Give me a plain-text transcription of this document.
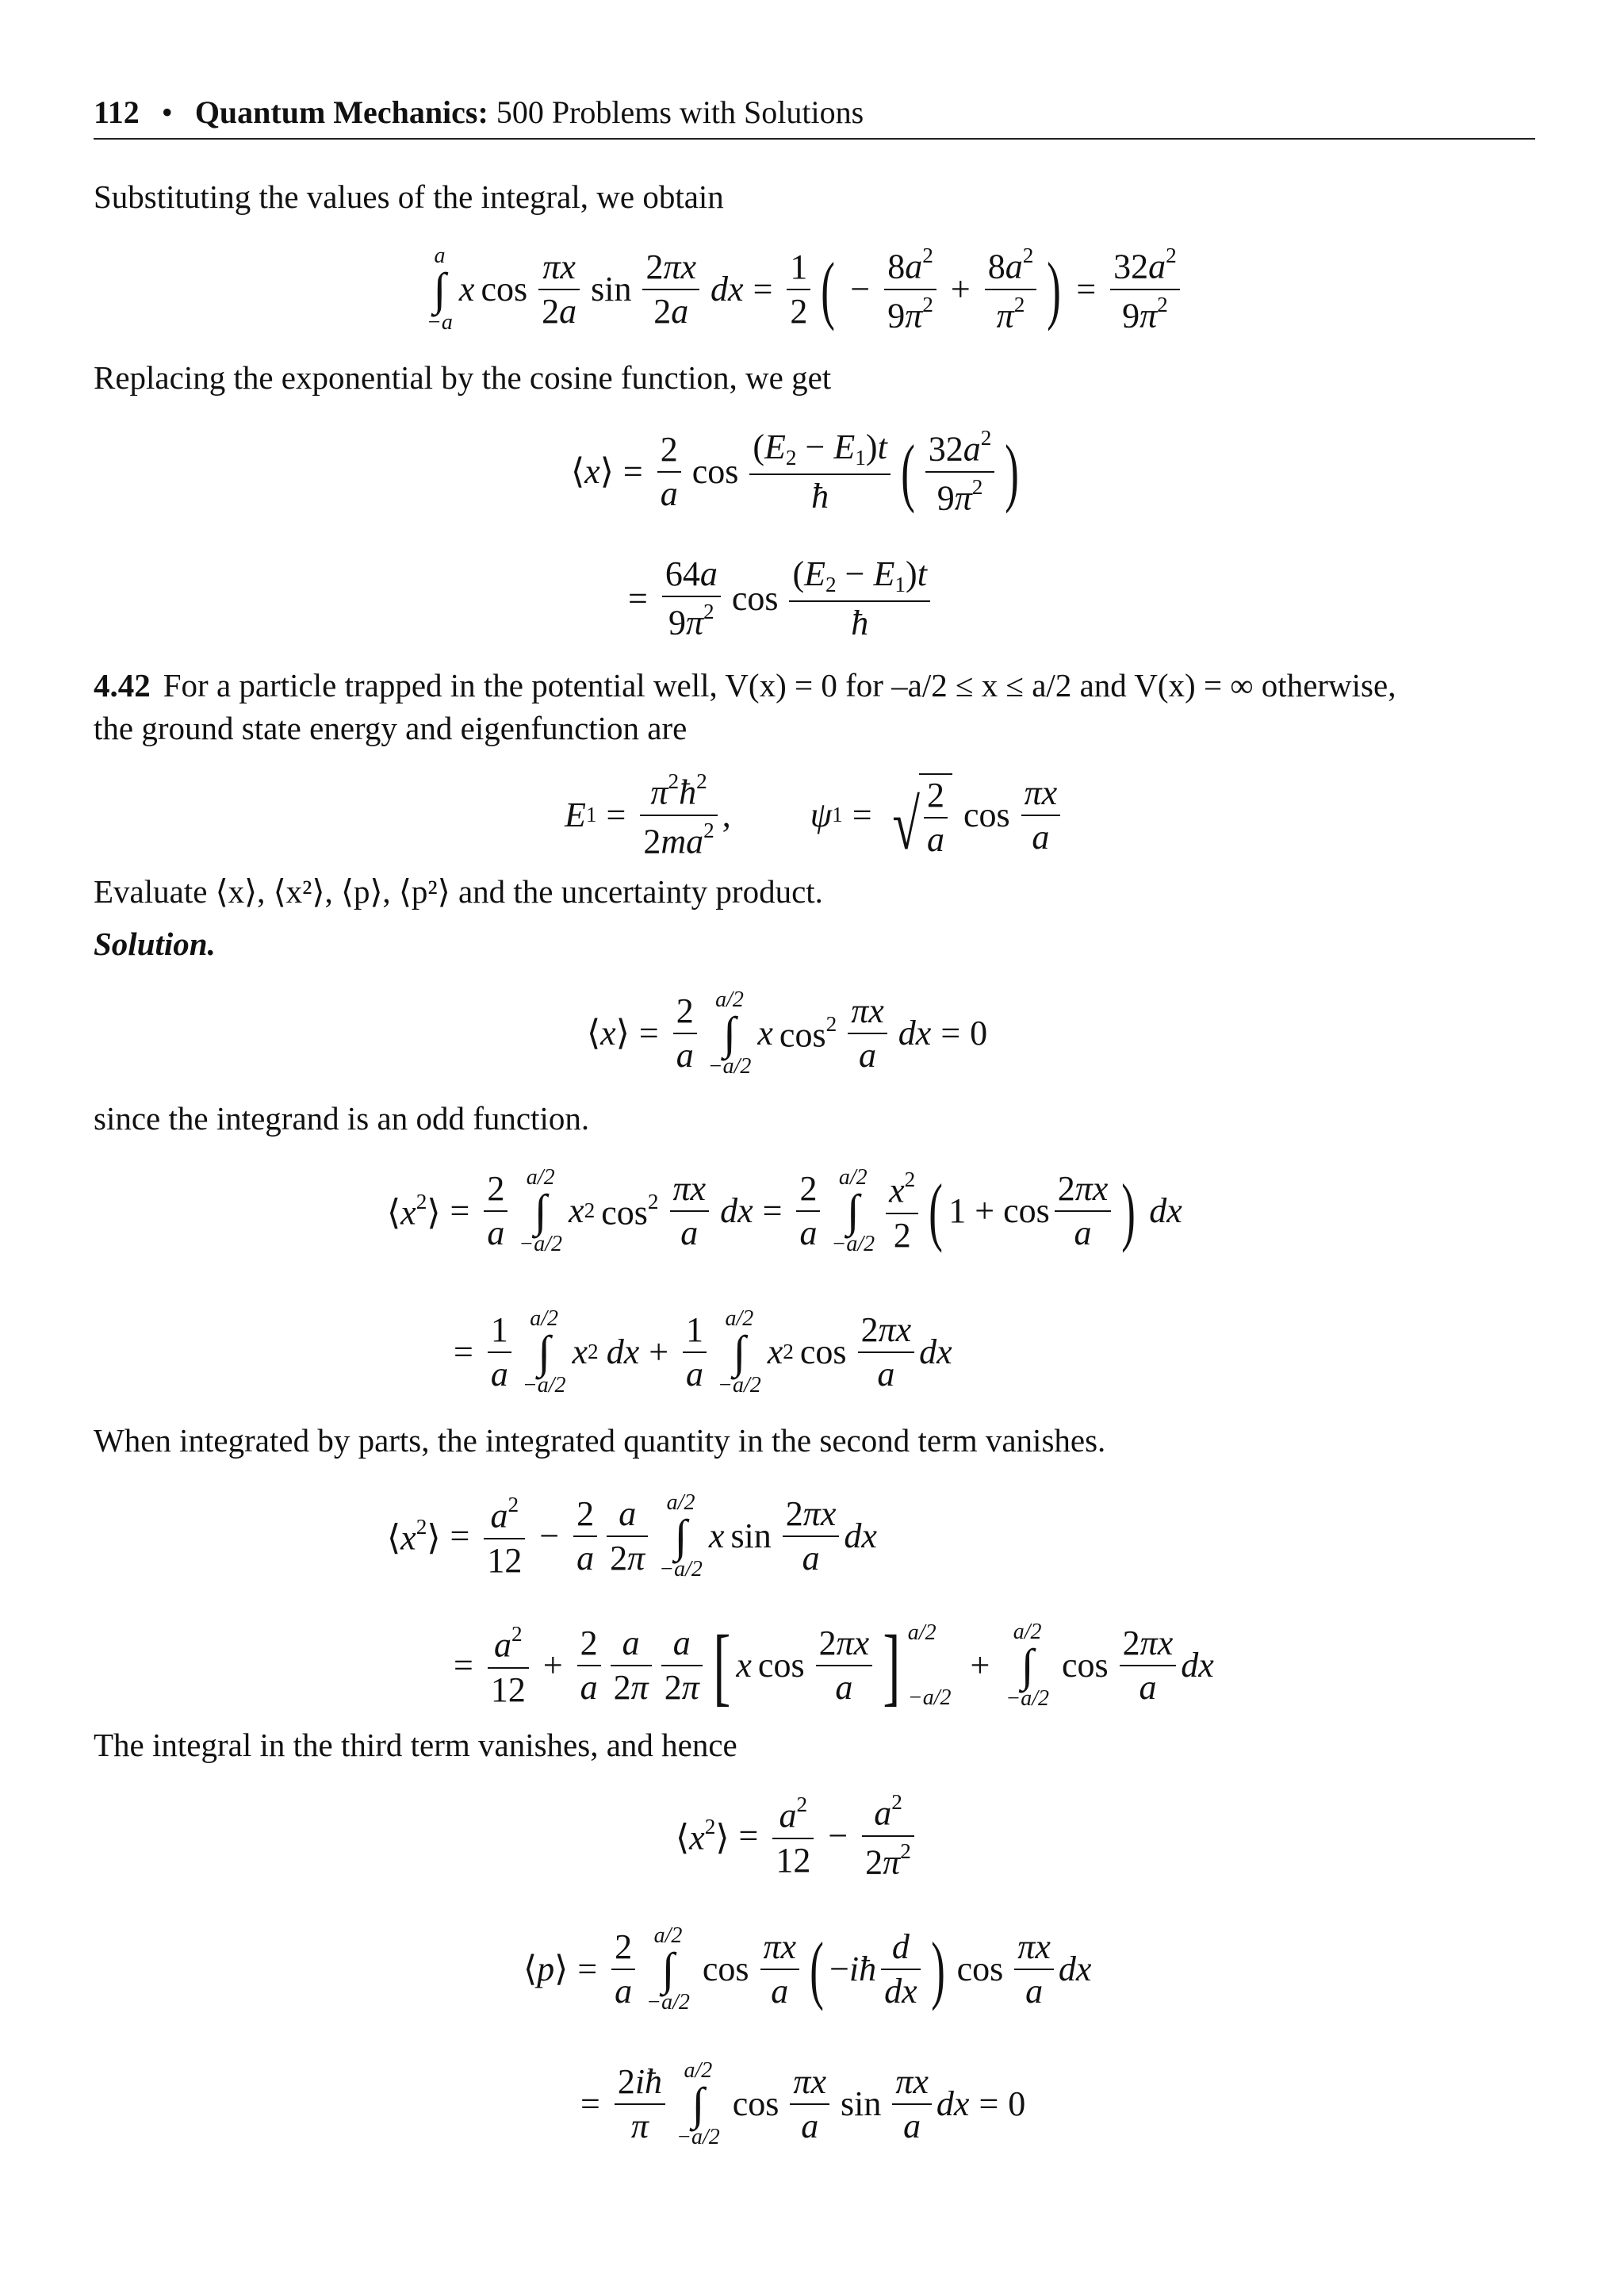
112 • Quantum Mechanics: 500 Problems with Solutions
Substituting the values of the integral, we obtain
a
∫
−a
x cos
πx
2a
sin
2πx
2a
dx = $\frac{1}{2}$ ( − $\frac{8a^2}{9\pi^2} + \frac{8a^2}{\pi^2}$ ) = $\frac{32a^2}{9\pi^2}$
Replacing the exponential by the cosine function, we get
⟨x⟩ = $\frac{2}{a}$ cos
$(E_2 - E_1)t$
ħ ( $32a^2$
$9\pi^2$ )
= $\frac{64a}{9\pi^2}$ cos
$(E_2 - E_1)t$
ħ
4.42 For a particle trapped in the potential well, V(x) = 0 for –a/2 ≤ x ≤ a/2 and V(x) = ∞ otherwise,
the ground state energy and eigenfunction are
E $1 = \frac{\pi^2ħ^2}{2ma^2}$ , ψ 1 = √ $\frac{2}{a}$ cos
πx
a
Evaluate ⟨x⟩, ⟨x²⟩, ⟨p⟩, ⟨p²⟩ and the uncertainty product.
Solution.
⟨x⟩ = $\frac{2}{a} a/2$
∫
−a/2
x $\cos^2 \pi x$
a
dx = 0
since the integrand is an odd function.
$⟨x^2⟩ = \frac{2}{a} a/2$
∫
−a/2
x 2 $\cos^2 \pi x$
a
dx = $\frac{2}{a} a/2$
∫
−a/2
$x^2$
2 ( 1 + cos
2πx
a ) dx
= $\frac{1}{a} a/2$
∫
−a/2
x 2 dx + $\frac{1}{a} a/2$
∫
−a/2
x 2 cos
2πx
a
dx
When integrated by parts, the integrated quantity in the second term vanishes.
$⟨x^2⟩ = \frac{a^2}{12} - \frac{2}{a}$ a
2π
a/2
∫
−a/2
x sin
2πx
a
dx
= $\frac{a^2}{12} + \frac{2}{a}$ a
2π
a
2π [ x cos
2πx
a ] a/2
−a/2
+
a/2
∫
−a/2
cos
2πx
a
dx
The integral in the third term vanishes, and hence
$⟨x^2⟩ = \frac{a^2}{12} - \frac{a^2}{2\pi^2}$
⟨p⟩ = $\frac{2}{a} a/2$
∫
−a/2
cos
πx
a ( −iħ
d
dx ) cos
πx
a
dx
= $\frac{2iħ}{\pi} a/2$
∫
−a/2
cos
πx
a
sin
πx
a
dx = 0
